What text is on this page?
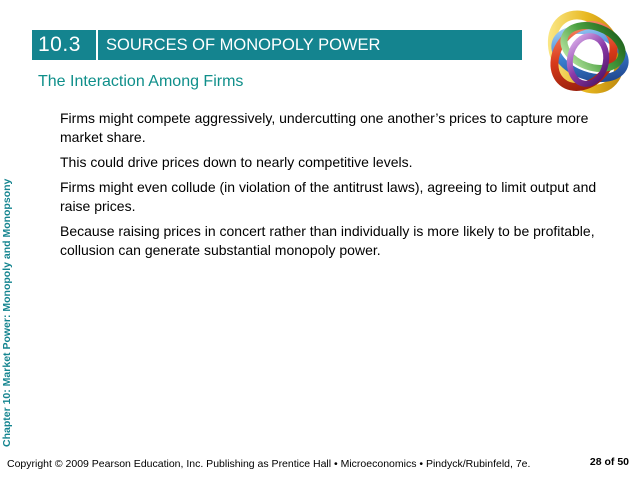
10.3 SOURCES OF MONOPOLY POWER
The Interaction Among Firms
Chapter 10: Market Power: Monopoly and Monopsony

Firms might compete aggressively, undercutting one another’s prices to capture more market share.

This could drive prices down to nearly competitive levels.

Firms might even collude (in violation of the antitrust laws), agreeing to limit output and raise prices.

Because raising prices in concert rather than individually is more likely to be profitable, collusion can generate substantial monopoly power.

Copyright © 2009 Pearson Education, Inc. Publishing as Prentice Hall • Microeconomics • Pindyck/Rubinfeld, 7e.	28 of 50
